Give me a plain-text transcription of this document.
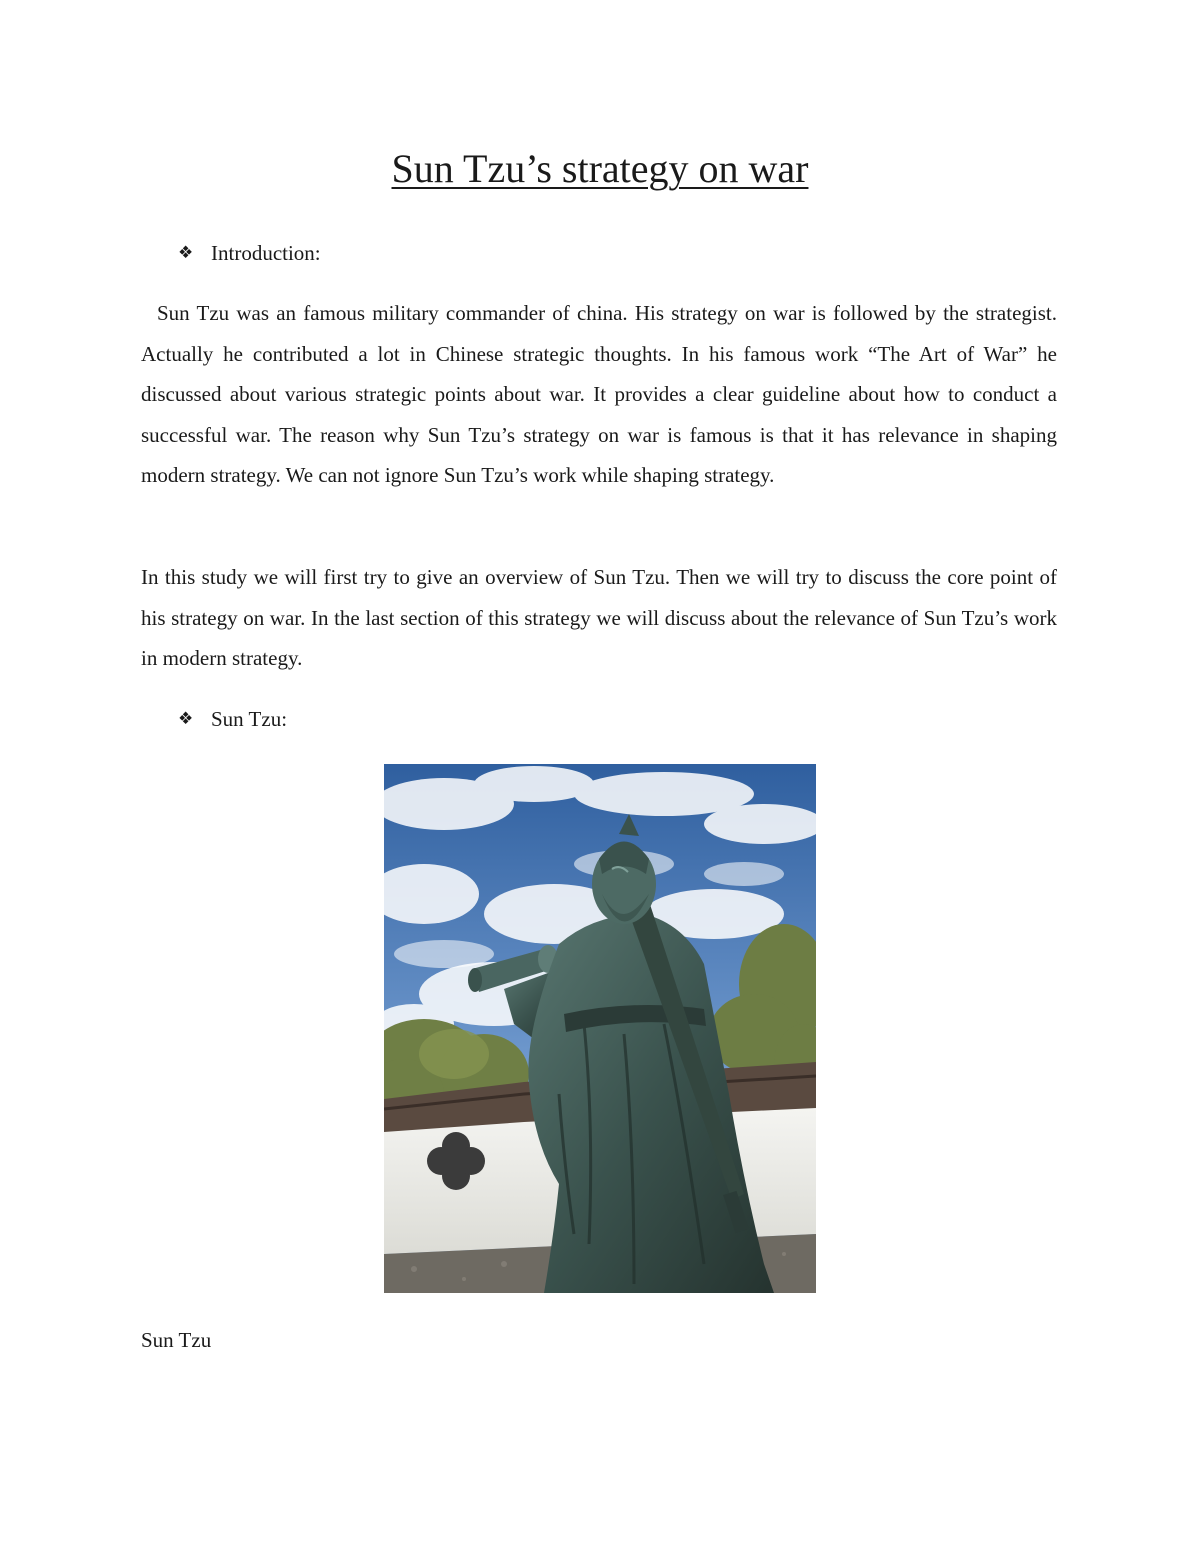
Sun Tzu’s strategy on war
❖ Introduction:

Sun Tzu was an famous military commander of china. His strategy on war is followed by the strategist. Actually he contributed a lot in Chinese strategic thoughts. In his famous work “The Art of War” he discussed about various strategic points about war. It provides a clear guideline about how to conduct a successful war. The reason why Sun Tzu’s strategy on war is famous is that it has relevance in shaping modern strategy. We can not ignore Sun Tzu’s work while shaping strategy.

In this study we will first try to give an overview of Sun Tzu. Then we will try to discuss the core point of his strategy on war. In the last section of this strategy we will discuss about the relevance of Sun Tzu’s work in modern strategy.

❖ Sun Tzu:
Sun Tzu
